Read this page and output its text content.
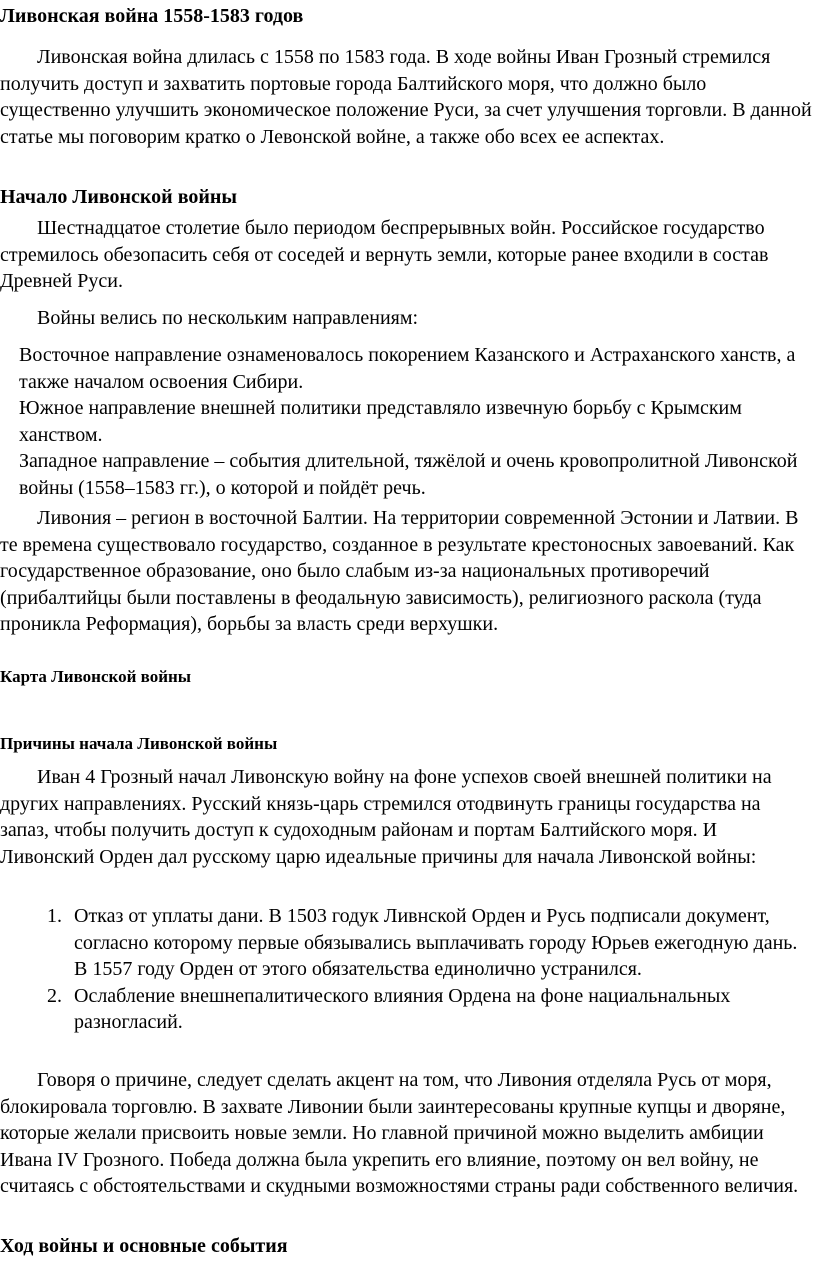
Ливонская война 1558-1583 годов

Ливонская война длилась с 1558 по 1583 года. В ходе войны Иван Грозный стремился получить доступ и захватить портовые города Балтийского моря, что должно было существенно улучшить экономическое положение Руси, за счет улучшения торговли. В данной статье мы поговорим кратко о Левонской войне, а также обо всех ее аспектах.

Начало Ливонской войны

Шестнадцатое столетие было периодом беспрерывных войн. Российское государство стремилось обезопасить себя от соседей и вернуть земли, которые ранее входили в состав Древней Руси.

Войны велись по нескольким направлениям:

Восточное направление ознаменовалось покорением Казанского и Астраханского ханств, а также началом освоения Сибири.
Южное направление внешней политики представляло извечную борьбу с Крымским ханством.
Западное направление – события длительной, тяжёлой и очень кровопролитной Ливонской войны (1558–1583 гг.), о которой и пойдёт речь.

Ливония – регион в восточной Балтии. На территории современной Эстонии и Латвии. В те времена существовало государство, созданное в результате крестоносных завоеваний. Как государственное образование, оно было слабым из-за национальных противоречий (прибалтийцы были поставлены в феодальную зависимость), религиозного раскола (туда проникла Реформация), борьбы за власть среди верхушки.

Карта Ливонской войны
Причины начала Ливонской войны

Иван 4 Грозный начал Ливонскую войну на фоне успехов своей внешней политики на других направлениях. Русский князь-царь стремился отодвинуть границы государства на запаз, чтобы получить доступ к судоходным районам и портам Балтийского моря. И Ливонский Орден дал русскому царю идеальные причины для начала Ливонской войны:

1. Отказ от уплаты дани. В 1503 годук Ливнской Орден и Русь подписали документ, согласно которому первые обязывались выплачивать городу Юрьев ежегодную дань. В 1557 году Орден от этого обязательства единолично устранился.
2. Ослабление внешнепалитического влияния Ордена на фоне нациальнальных разногласий.

Говоря о причине, следует сделать акцент на том, что Ливония отделяла Русь от моря, блокировала торговлю. В захвате Ливонии были заинтересованы крупные купцы и дворяне, которые желали присвоить новые земли. Но главной причиной можно выделить амбиции Ивана IV Грозного. Победа должна была укрепить его влияние, поэтому он вел войну, не считаясь с обстоятельствами и скудными возможностями страны ради собственного величия.

Ход войны и основные события
